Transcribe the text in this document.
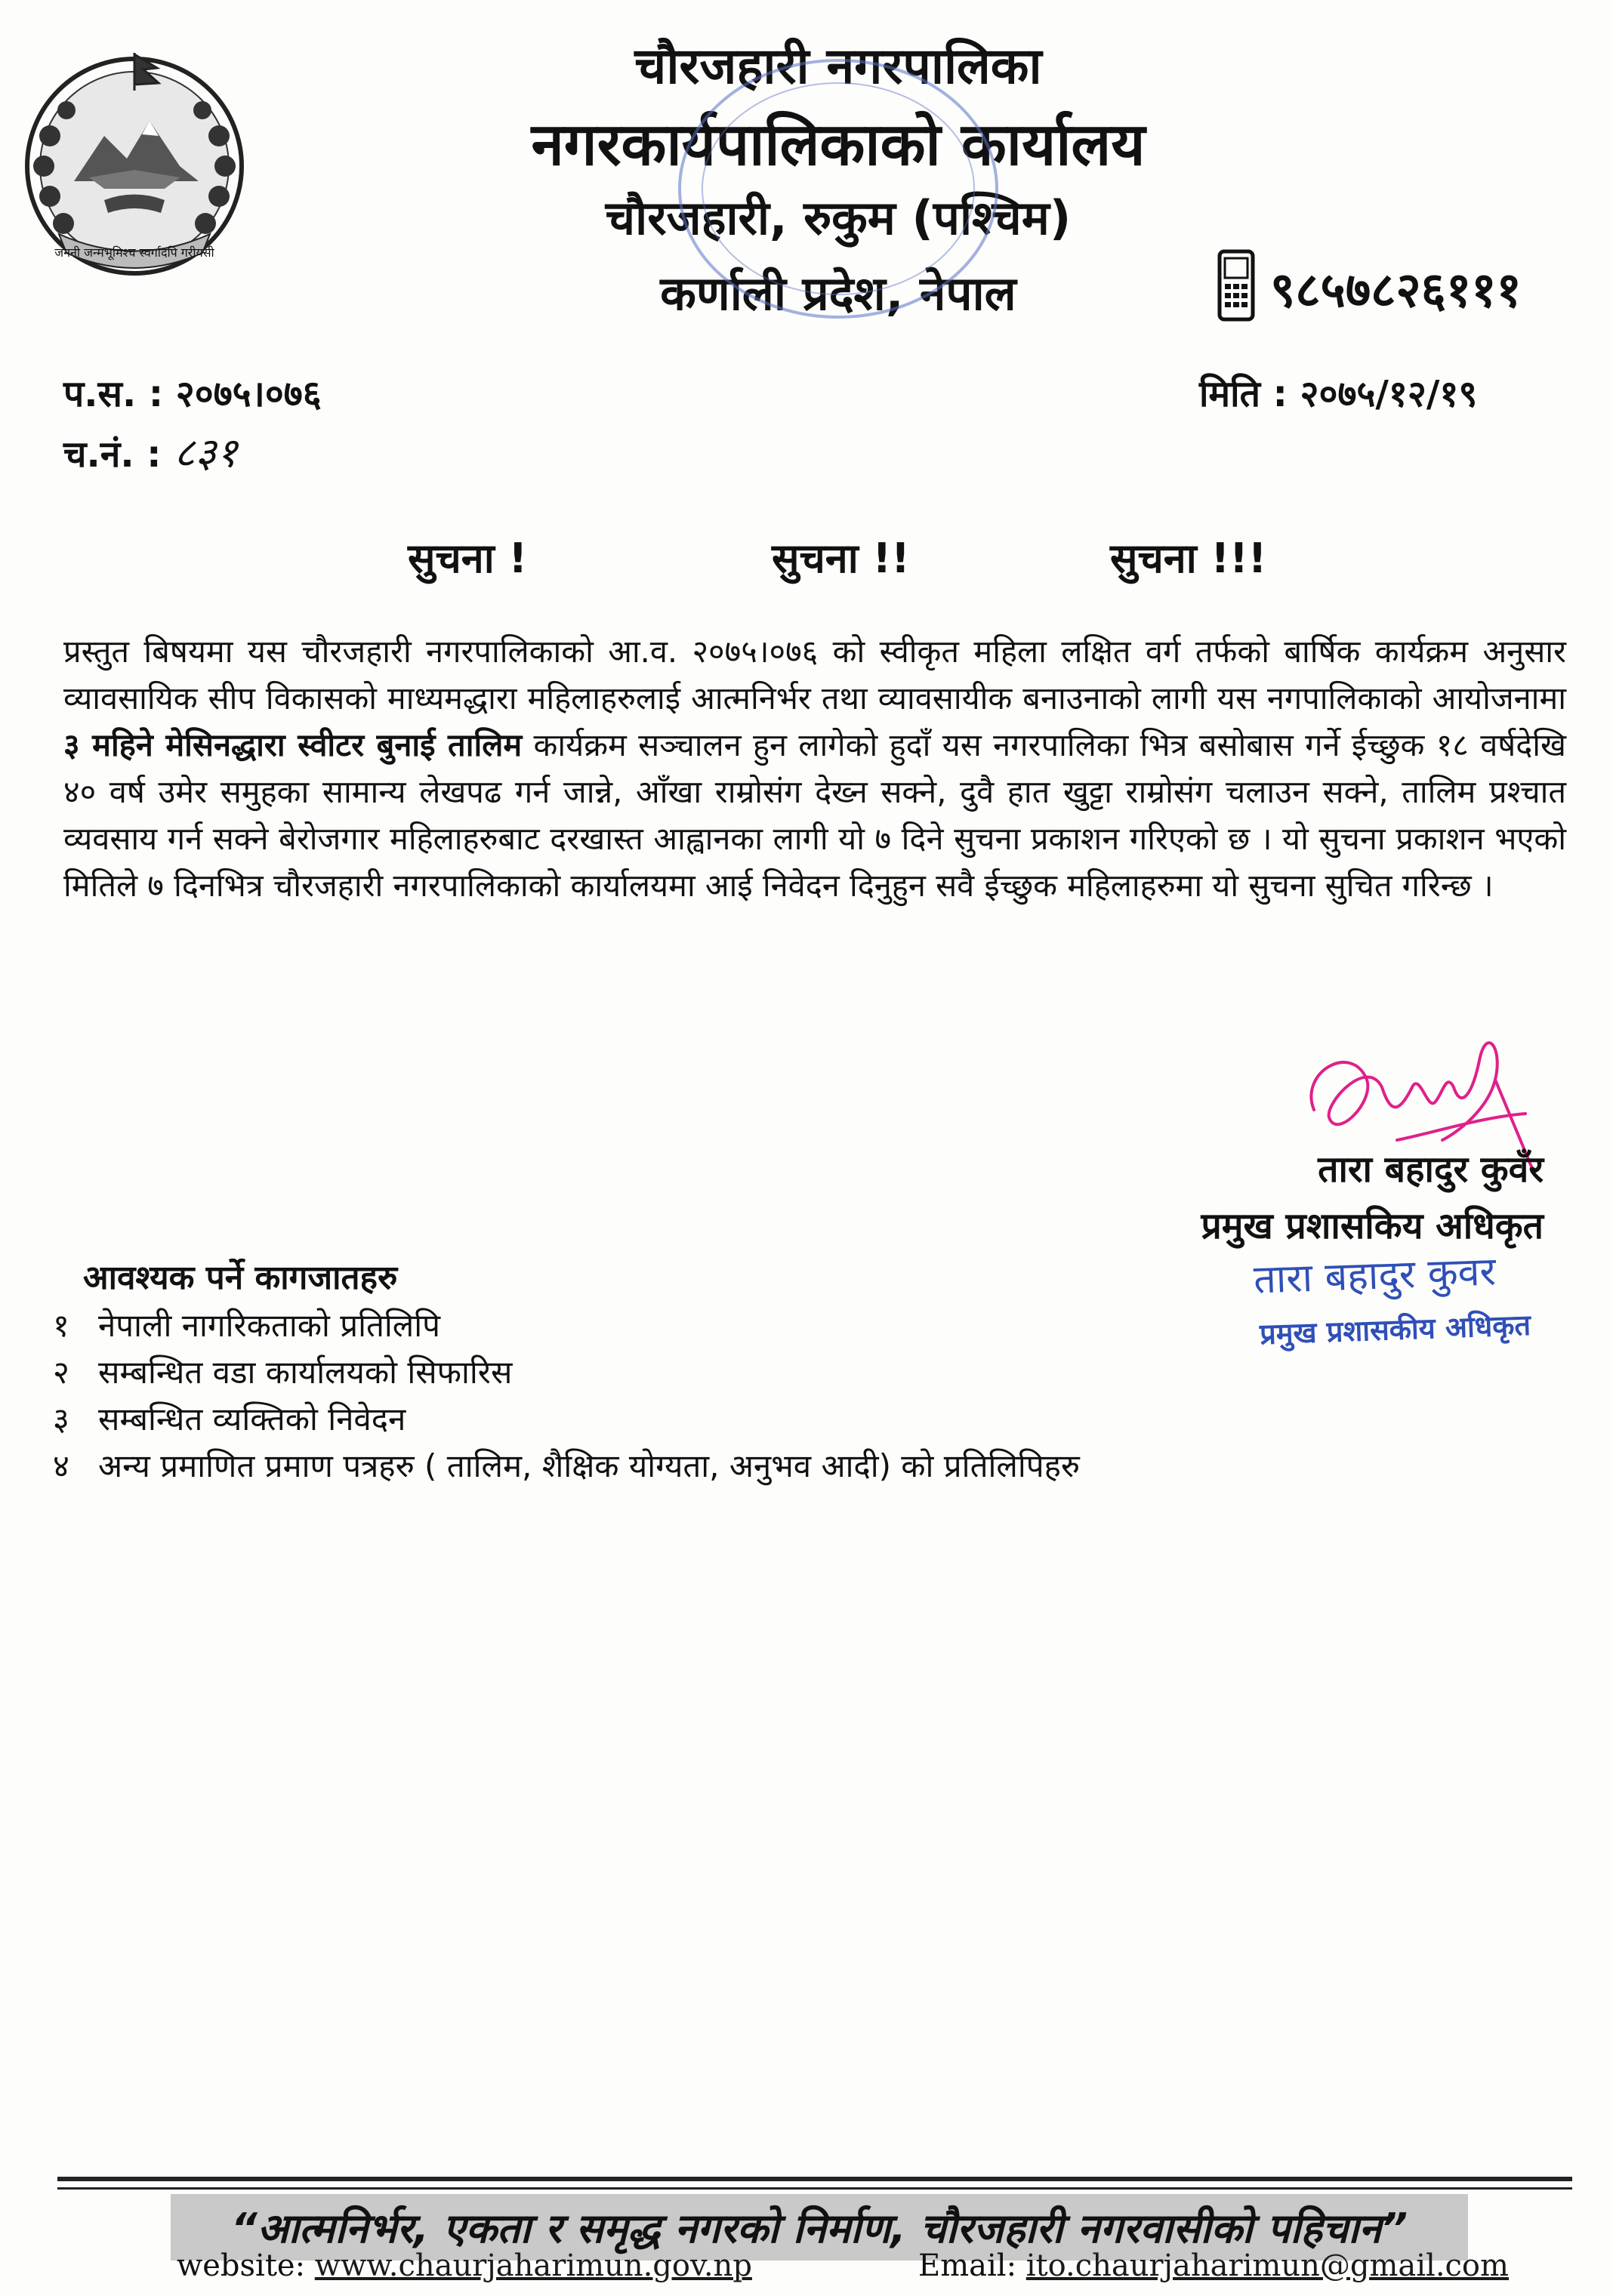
जननी जन्मभूमिश्च स्वर्गादपि गरीयसी
चौरजहारी नगरपालिका
नगरकार्यपालिकाको कार्यालय
चौरजहारी, रुकुम (पश्चिम)
कर्णाली प्रदेश, नेपाल	९८५७८२६१११
प.स. : २०७५।०७६
च.नं. : ८३१
मिति : २०७५/१२/१९
सुचना !	सुचना !!	सुचना !!!
प्रस्तुत बिषयमा यस चौरजहारी नगरपालिकाको आ.व. २०७५।०७६ को स्वीकृत महिला लक्षित वर्ग तर्फको बार्षिक कार्यक्रम अनुसार व्यावसायिक सीप विकासको माध्यमद्धारा महिलाहरुलाई आत्मनिर्भर तथा व्यावसायीक बनाउनाको लागी यस नगपालिकाको आयोजनामा ३ महिने मेसिनद्धारा स्वीटर बुनाई तालिम कार्यक्रम सञ्चालन हुन लागेको हुदाँ यस नगरपालिका भित्र बसोबास गर्ने ईच्छुक १८ वर्षदेखि ४० वर्ष उमेर समुहका सामान्य लेखपढ गर्न जान्ने, आँखा राम्रोसंग देख्न सक्ने, दुवै हात खुट्टा राम्रोसंग चलाउन सक्ने, तालिम प्रश्चात व्यवसाय गर्न सक्ने बेरोजगार महिलाहरुबाट दरखास्त आह्वानका लागी यो ७ दिने सुचना प्रकाशन गरिएको छ । यो सुचना प्रकाशन भएको मितिले ७ दिनभित्र चौरजहारी नगरपालिकाको कार्यालयमा आई निवेदन दिनुहुन सवै ईच्छुक महिलाहरुमा यो सुचना सुचित गरिन्छ ।
तारा बहादुर कुवँर
प्रमुख प्रशासकिय अधिकृत
तारा बहादुर कुवर
प्रमुख प्रशासकीय अधिकृत
आवश्यक पर्ने कागजातहरु
१ नेपाली नागरिकताको प्रतिलिपि
२ सम्बन्धित वडा कार्यालयको सिफारिस
३ सम्बन्धित व्यक्तिको निवेदन
४ अन्य प्रमाणित प्रमाण पत्रहरु ( तालिम, शैक्षिक योग्यता, अनुभव आदी) को प्रतिलिपिहरु
“आत्मनिर्भर, एकता र समृद्ध नगरको निर्माण, चौरजहारी नगरवासीको पहिचान”
website: www.chaurjaharimun.gov.np	Email: ito.chaurjaharimun@gmail.com
